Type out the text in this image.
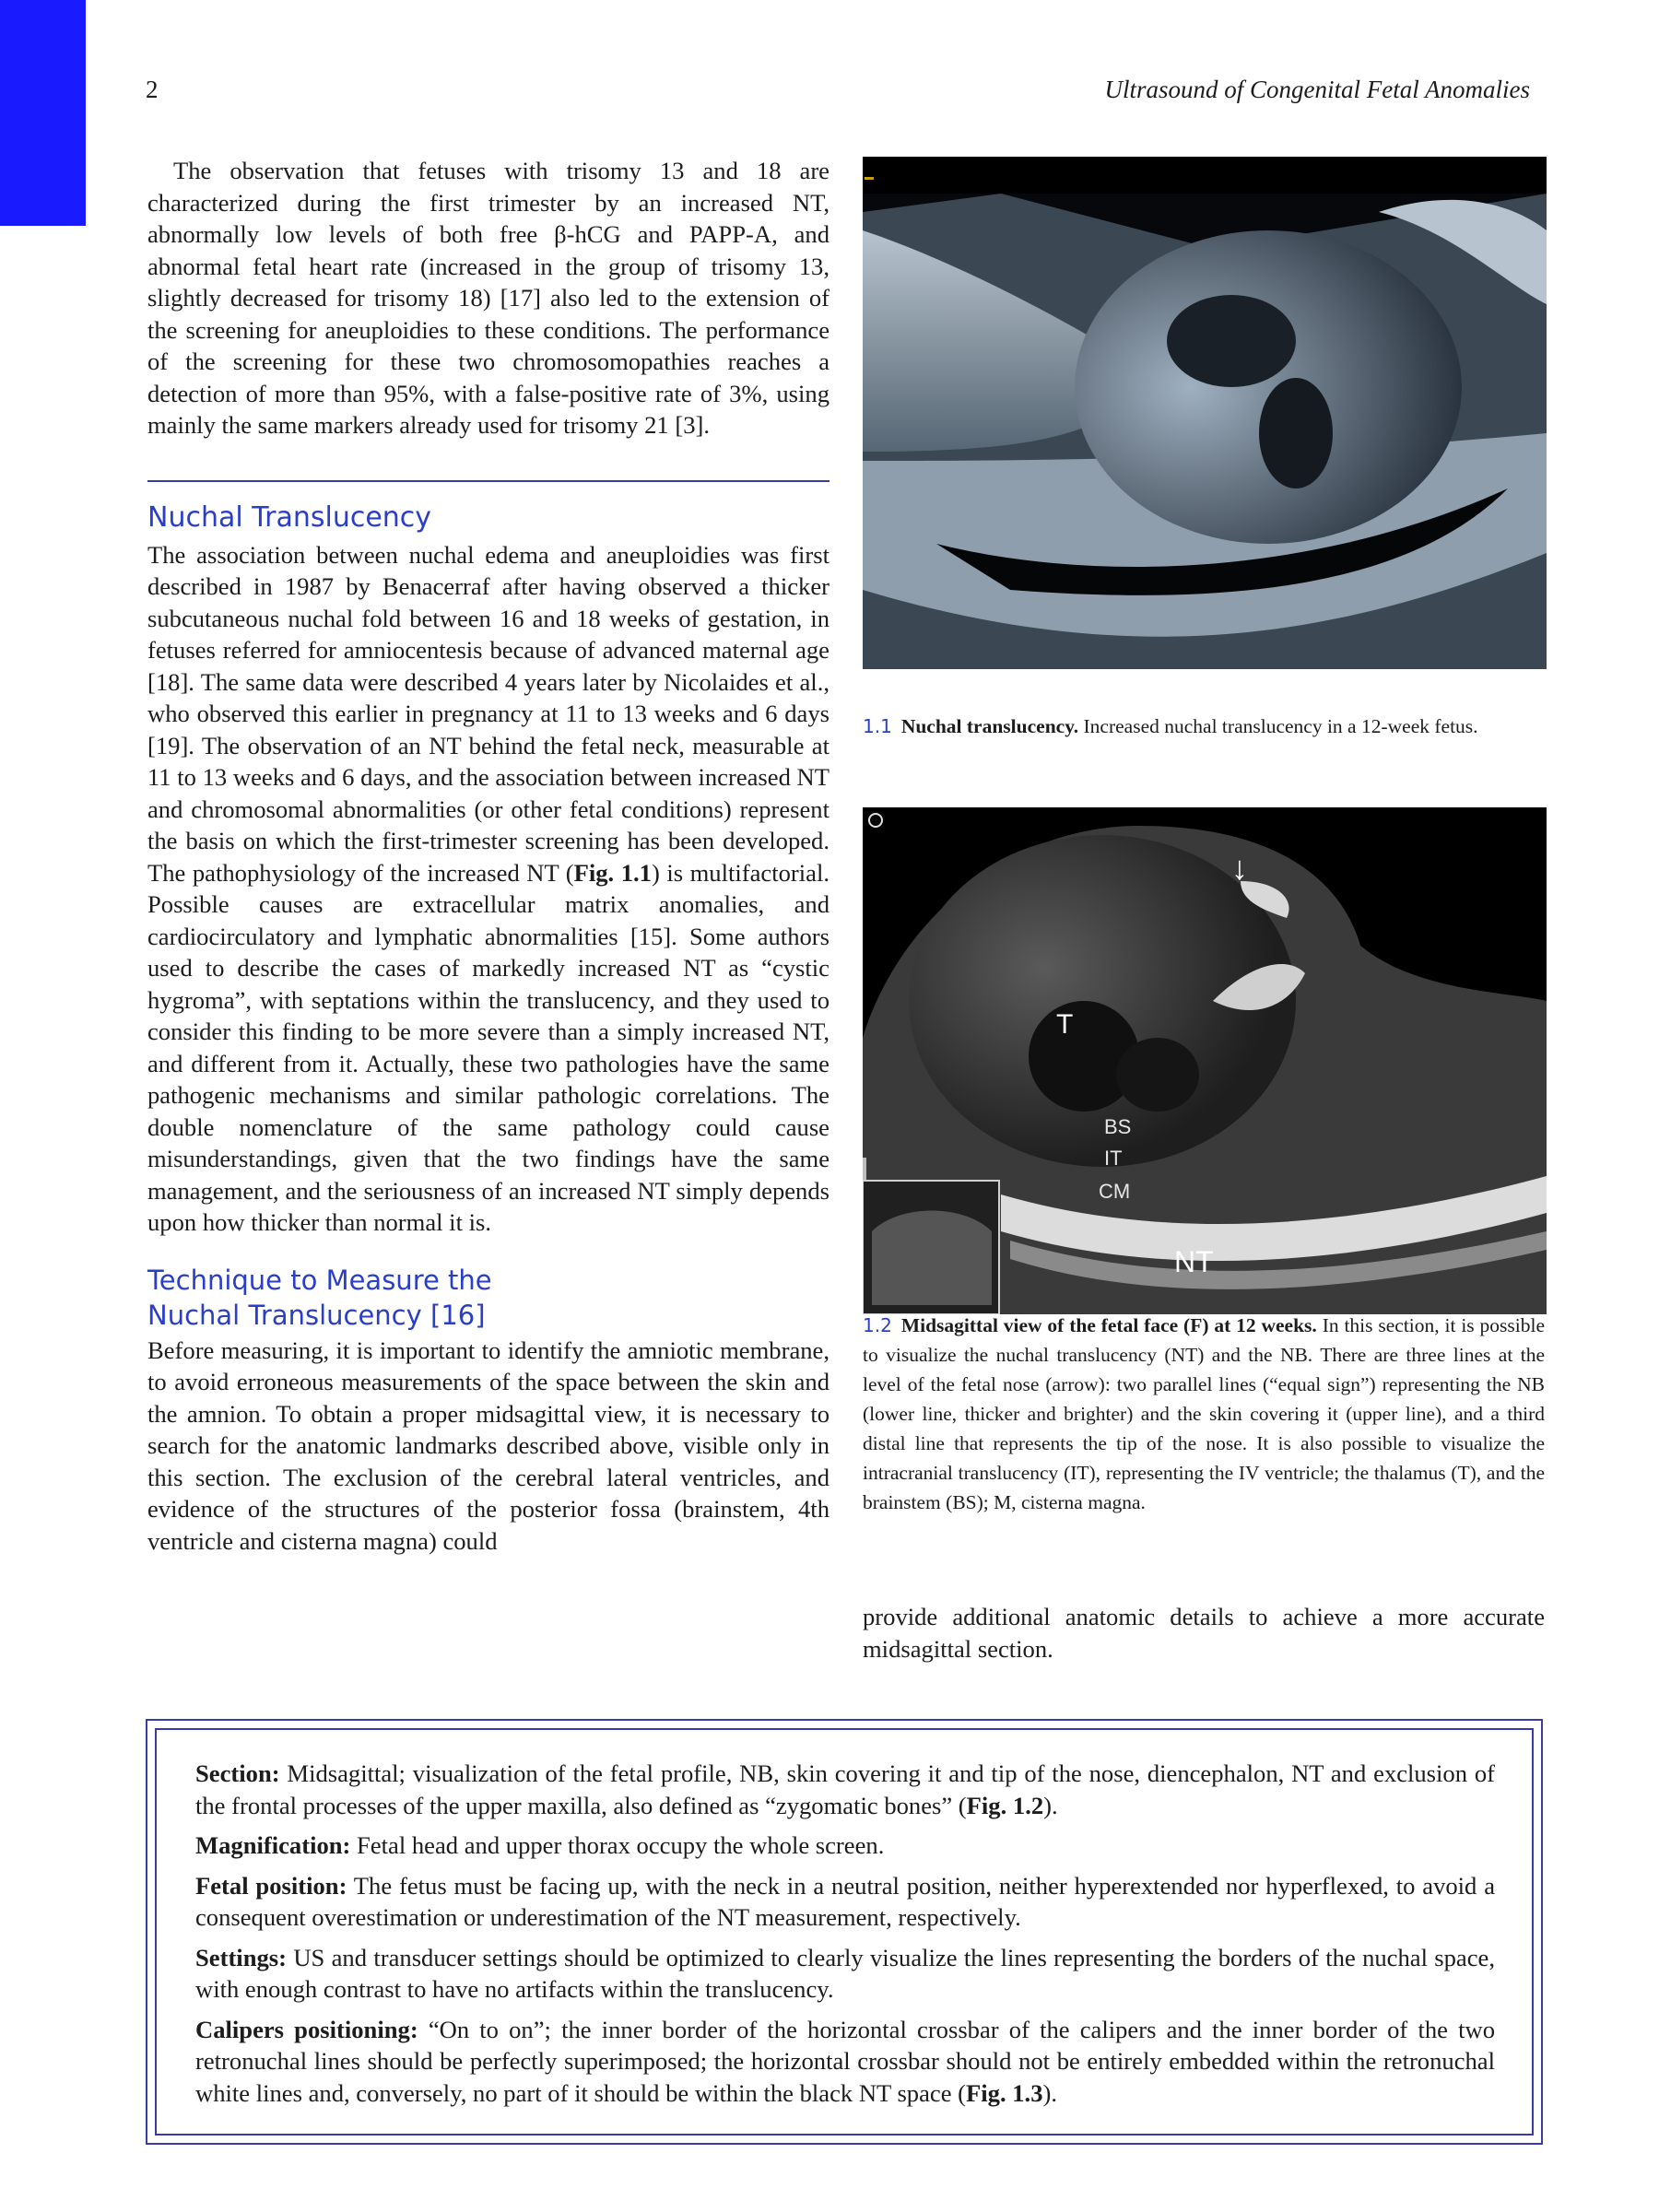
2	Ultrasound of Congenital Fetal Anomalies

The observation that fetuses with trisomy 13 and 18 are characterized during the first trimester by an increased NT, abnormally low levels of both free β-hCG and PAPP-A, and abnormal fetal heart rate (increased in the group of trisomy 13, slightly decreased for trisomy 18) [17] also led to the extension of the screening for aneuploidies to these conditions. The performance of the screening for these two chromosomopathies reaches a detection of more than 95%, with a false-positive rate of 3%, using mainly the same markers already used for trisomy 21 [3].

Nuchal Translucency

The association between nuchal edema and aneuploidies was first described in 1987 by Benacerraf after having observed a thicker subcutaneous nuchal fold between 16 and 18 weeks of gestation, in fetuses referred for amniocentesis because of advanced maternal age [18]. The same data were described 4 years later by Nicolaides et al., who observed this earlier in pregnancy at 11 to 13 weeks and 6 days [19]. The observation of an NT behind the fetal neck, measurable at 11 to 13 weeks and 6 days, and the association between increased NT and chromosomal abnormalities (or other fetal conditions) represent the basis on which the first-trimester screening has been developed. The pathophysiology of the increased NT (Fig. 1.1) is multifactorial. Possible causes are extracellular matrix anomalies, and cardiocirculatory and lymphatic abnormalities [15]. Some authors used to describe the cases of markedly increased NT as “cystic hygroma”, with septations within the translucency, and they used to consider this finding to be more severe than a simply increased NT, and different from it. Actually, these two pathologies have the same pathogenic mechanisms and similar pathologic correlations. The double nomenclature of the same pathology could cause misunderstandings, given that the two findings have the same management, and the seriousness of an increased NT simply depends upon how thicker than normal it is.

Technique to Measure the
Nuchal Translucency [16]

Before measuring, it is important to identify the amniotic membrane, to avoid erroneous measurements of the space between the skin and the amnion. To obtain a proper midsagittal view, it is necessary to search for the anatomic landmarks described above, visible only in this section. The exclusion of the cerebral lateral ventricles, and evidence of the structures of the posterior fossa (brainstem, 4th ventricle and cisterna magna) could

1.1 Nuchal translucency. Increased nuchal translucency in a 12-week fetus.
T
BS
IT
CM
NT
↓
1.2 Midsagittal view of the fetal face (F) at 12 weeks. In this section, it is possible to visualize the nuchal translucency (NT) and the NB. There are three lines at the level of the fetal nose (arrow): two parallel lines (“equal sign”) representing the NB (lower line, thicker and brighter) and the skin covering it (upper line), and a third distal line that represents the tip of the nose. It is also possible to visualize the intracranial translucency (IT), representing the IV ventricle; the thalamus (T), and the brainstem (BS); M, cisterna magna.

provide additional anatomic details to achieve a more accurate midsagittal section.

Section: Midsagittal; visualization of the fetal profile, NB, skin covering it and tip of the nose, diencephalon, NT and exclusion of the frontal processes of the upper maxilla, also defined as “zygomatic bones” (Fig. 1.2).

Magnification: Fetal head and upper thorax occupy the whole screen.

Fetal position: The fetus must be facing up, with the neck in a neutral position, neither hyperextended nor hyperflexed, to avoid a consequent overestimation or underestimation of the NT measurement, respectively.

Settings: US and transducer settings should be optimized to clearly visualize the lines representing the borders of the nuchal space, with enough contrast to have no artifacts within the translucency.

Calipers positioning: “On to on”; the inner border of the horizontal crossbar of the calipers and the inner border of the two retronuchal lines should be perfectly superimposed; the horizontal crossbar should not be entirely embedded within the retronuchal white lines and, conversely, no part of it should be within the black NT space (Fig. 1.3).
